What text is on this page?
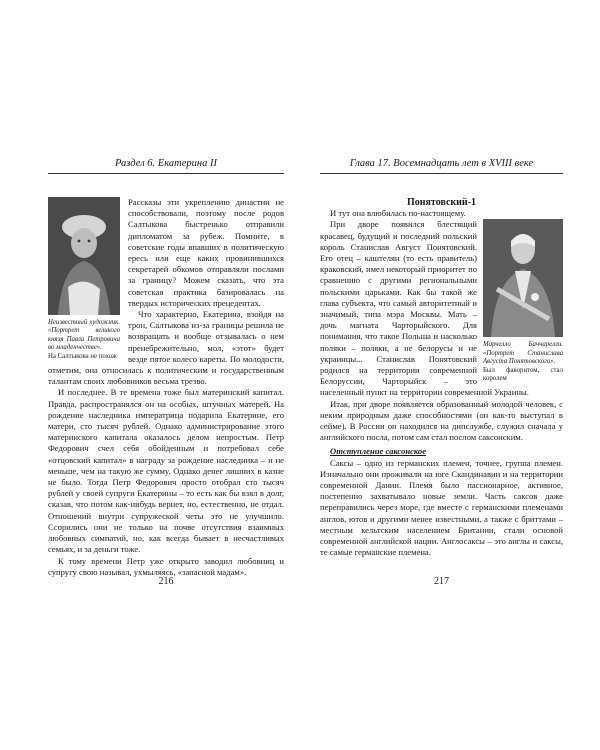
Раздел 6. Екатерина II
Неизвестный художник. «Портрет великого князя Павла Петровича во младенчестве».
На Салтыкова не похож

Рассказы эти укреплению династии не способствовали, поэтому после родов Салтыкова быстренько отправили дипломатом за рубеж. Помните, в советские годы впавших в политическую ересь или еще каких провинившихся секретарей обкомов отправляли послами за границу? Можем сказать, что эта советская практика базировалась на твердых исторических прецедентах.

Что характерно, Екатерина, взойдя на трон, Салтыкова из-за границы решила не возвращать и вообще отзывалась о нем пренебрежительно, мол, «этот» будет везде пятое колесо кареты. По молодости, отметим, она относилась к политическим и государственным талантам своих любовников весьма трезво.

И последнее. В те времена тоже был материнский капитал. Правда, распространялся он на особых, штучных матерей. На рождение наследника императрица подарила Екатерине, его матери, сто тысяч рублей. Однако администрирование этого материнского капитала оказалось делом непростым. Петр Федорович счел себя обойденным и потребовал себе «отцовский капитал» в награду за рождение наследника – и не меньше, чем на такую же сумму. Однако денег лишних в казне не было. Тогда Петр Федорович просто отобрал сто тысяч рублей у своей супруги Екатерины – то есть как бы взял в долг, сказав, что потом как-нибудь вернет, но, естественно, не отдал. Отношений внутри супружеской четы это не улучшило. Ссорились они не только на почве отсутствия взаимных любовных симпатий, но, как всегда бывает в несчастливых семьях, и за деньги тоже.

К тому времени Петр уже открыто заводил любовниц и супругу свою называл, ухмыляясь, «запасной мадам».

216
Глава 17. Восемнадцать лет в XVIII веке

Понятовский-1

И тут она влюбилась по-настоящему.

Марчелло Баччарелли. «Портрет Станислава Августа Понятовского».
Был фаворитом, стал королем

При дворе появился блестящий красавец, будущий и последний польский король Станислав Август Понятовский. Его отец – каштелян (то есть правитель) краковский, имел некоторый приоритет по сравнению с другими региональными польскими царьками. Как бы такой же глава субъекта, что самый авторитетный и значимый, типа мэра Москвы. Мать – дочь магната Чарторыйского. Для понимания, что такое Польша и насколько поляки – поляки, а не белорусы и не украинцы... Станислав Понятовский родился на территории современной Белоруссии, Чарторыйск – это населенный пункт на территории современной Украины.

Итак, при дворе появляется образованный молодой человек, с неким природным даже способностями (он как-то выступал в сейме). В России он находился на дипслужбе, служил сначала у английского посла, потом сам стал послом саксонским.

Отступление саксонское

Саксы – одно из германских племен, точнее, группа племен. Изначально они проживали на юге Скандинавии и на территории современной Дании. Племя было пассионарное, активное, постепенно захватывало новые земли. Часть саксов даже переправились через море, где вместе с германскими племенами англов, ютов и другими менее известными, а также с бриттами – местным кельтским населением Британии, стали основой современной английской нации. Англосаксы – это англы и саксы, те самые германские племена.

217
